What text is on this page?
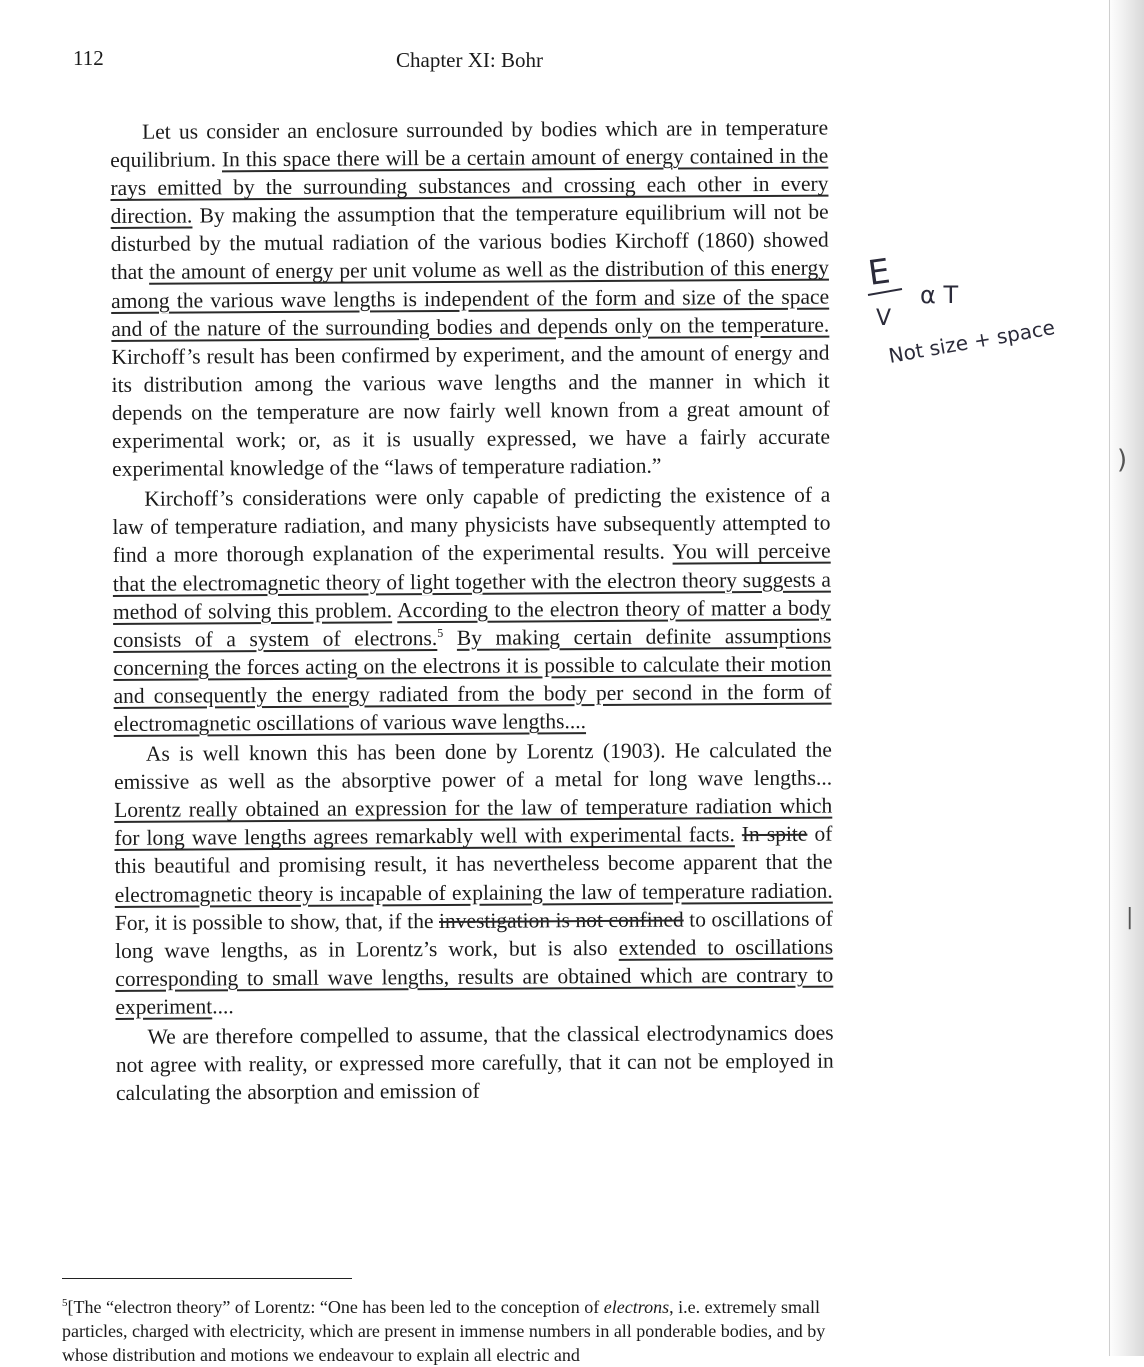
112	Chapter XI: Bohr

Let us consider an enclosure surrounded by bodies which are in temperature equilibrium. In this space there will be a certain amount of energy contained in the rays emitted by the surrounding substances and crossing each other in every direction. By making the assumption that the temperature equilibrium will not be disturbed by the mutual radiation of the various bodies Kirchoff (1860) showed that the amount of energy per unit volume as well as the distribution of this energy among the various wave lengths is independent of the form and size of the space and of the nature of the surrounding bodies and depends only on the temperature. Kirchoff’s result has been confirmed by experiment, and the amount of energy and its distribution among the various wave lengths and the manner in which it depends on the temperature are now fairly well known from a great amount of experimental work; or, as it is usually expressed, we have a fairly accurate experimental knowledge of the “laws of temperature radiation.”

Kirchoff’s considerations were only capable of predicting the existence of a law of temperature radiation, and many physicists have subsequently attempted to find a more thorough explanation of the experimental results. You will perceive that the electromagnetic theory of light together with the electron theory suggests a method of solving this problem. According to the electron theory of matter a body consists of a system of electrons.$^5$ By making certain definite assumptions concerning the forces acting on the electrons it is possible to calculate their motion and consequently the energy radiated from the body per second in the form of electromagnetic oscillations of various wave lengths....

As is well known this has been done by Lorentz (1903). He calculated the emissive as well as the absorptive power of a metal for long wave lengths... Lorentz really obtained an expression for the law of temperature radiation which for long wave lengths agrees remarkably well with experimental facts. In spite of this beautiful and promising result, it has nevertheless become apparent that the electromagnetic theory is incapable of explaining the law of temperature radiation. For, it is possible to show, that, if the investigation is not confined to oscillations of long wave lengths, as in Lorentz’s work, but is also extended to oscillations corresponding to small wave lengths, results are obtained which are contrary to experiment....

We are therefore compelled to assume, that the classical electrodynamics does not agree with reality, or expressed more carefully, that it can not be employed in calculating the absorption and emission of

E
V
α T
Not size + space
)
|
$^5$[The “electron theory” of Lorentz: “One has been led to the conception of electrons, i.e. extremely small particles, charged with electricity, which are present in immense numbers in all ponderable bodies, and by whose distribution and motions we endeavour to explain all electric and
